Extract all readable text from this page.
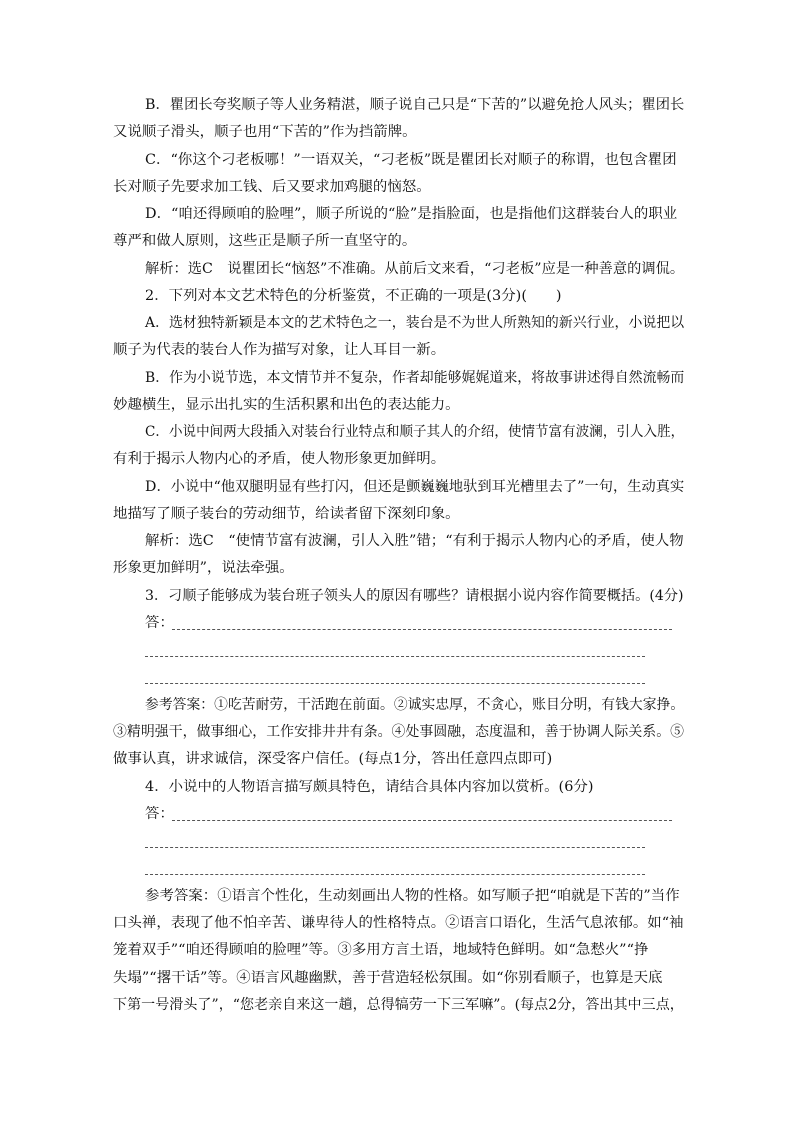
B．瞿团长夸奖顺子等人业务精湛，顺子说自己只是“下苦的”以避免抢人风头；瞿团长
又说顺子滑头，顺子也用“下苦的”作为挡箭牌。
C．“你这个刁老板哪！”一语双关，“刁老板”既是瞿团长对顺子的称谓，也包含瞿团
长对顺子先要求加工钱、后又要求加鸡腿的恼怒。
D．“咱还得顾咱的脸哩”，顺子所说的“脸”是指脸面，也是指他们这群装台人的职业
尊严和做人原则，这些正是顺子所一直坚守的。
解析：选C　说瞿团长“恼怒”不准确。从前后文来看，“刁老板”应是一种善意的调侃。
2．下列对本文艺术特色的分析鉴赏，不正确的一项是(3分)(　　)
A．选材独特新颖是本文的艺术特色之一，装台是不为世人所熟知的新兴行业，小说把以
顺子为代表的装台人作为描写对象，让人耳目一新。
B．作为小说节选，本文情节并不复杂，作者却能够娓娓道来，将故事讲述得自然流畅而
妙趣横生，显示出扎实的生活积累和出色的表达能力。
C．小说中间两大段插入对装台行业特点和顺子其人的介绍，使情节富有波澜，引人入胜，
有利于揭示人物内心的矛盾，使人物形象更加鲜明。
D．小说中“他双腿明显有些打闪，但还是颤巍巍地驮到耳光槽里去了”一句，生动真实
地描写了顺子装台的劳动细节，给读者留下深刻印象。
解析：选C　“使情节富有波澜，引人入胜”错；“有利于揭示人物内心的矛盾，使人物
形象更加鲜明”，说法牵强。
3．刁顺子能够成为装台班子领头人的原因有哪些？请根据小说内容作简要概括。(4分)
答：
参考答案：①吃苦耐劳，干活跑在前面。②诚实忠厚，不贪心，账目分明，有钱大家挣。
③精明强干，做事细心，工作安排井井有条。④处事圆融，态度温和，善于协调人际关系。⑤
做事认真，讲求诚信，深受客户信任。(每点1分，答出任意四点即可)
4．小说中的人物语言描写颇具特色，请结合具体内容加以赏析。(6分)
答：
参考答案：①语言个性化，生动刻画出人物的性格。如写顺子把“咱就是下苦的”当作
口头禅，表现了他不怕辛苦、谦卑待人的性格特点。②语言口语化，生活气息浓郁。如“袖
笼着双手”“咱还得顾咱的脸哩”等。③多用方言土语，地域特色鲜明。如“急慭火”“挣
失塌”“撂干话”等。④语言风趣幽默，善于营造轻松氛围。如“你别看顺子，也算是天底
下第一号滑头了”，“您老亲自来这一趟，总得犒劳一下三军嘛”。(每点2分，答出其中三点，
